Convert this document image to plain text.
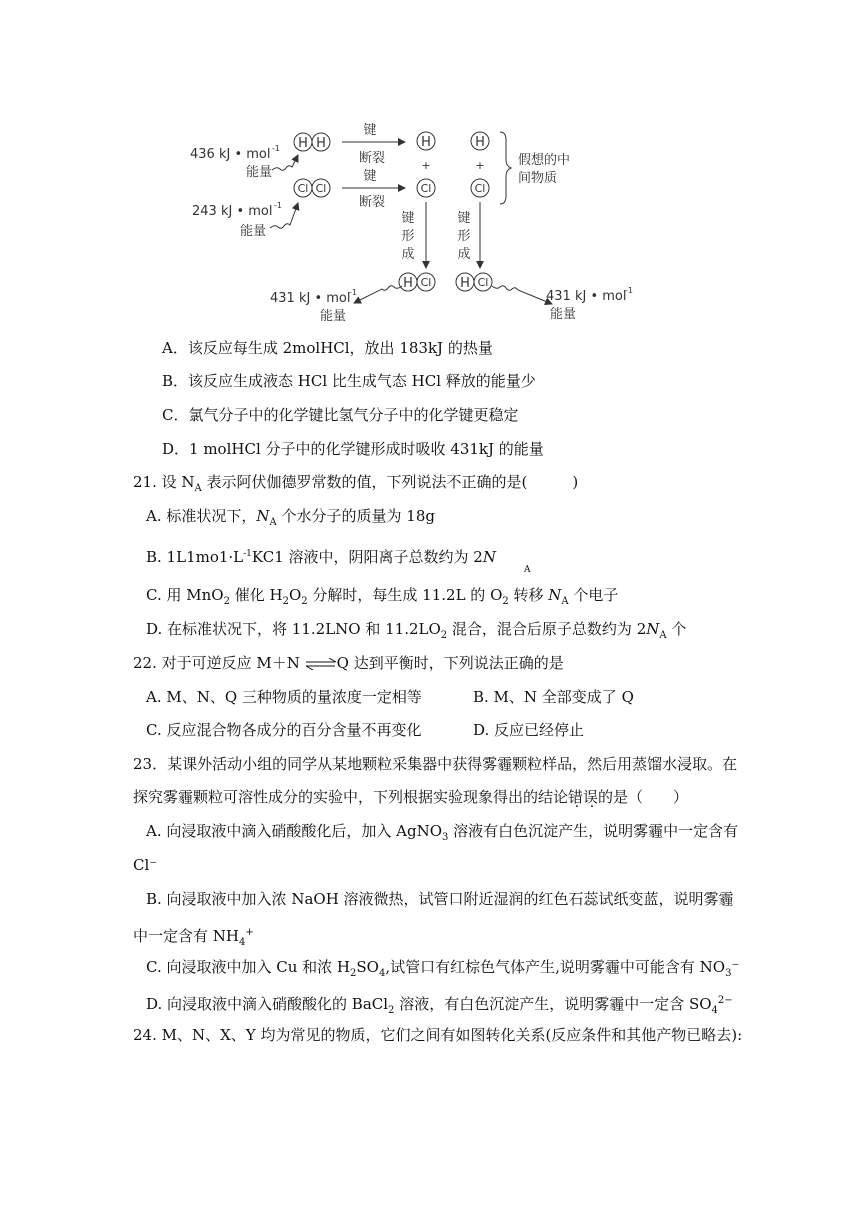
H H
Cl Cl
436 kJ • mol -1
能量
243 kJ • mol -1
能量
键
断裂
键
断裂
H
+
Cl
H
+
Cl
假想的中
间物质
键
形
成
键
形
成
H Cl H Cl
431 kJ • mol
-1
能量
431 kJ • mol
-1
能量
A．该反应每生成 2molHCl，放出 183kJ 的热量
B．该反应生成液态 HCl 比生成气态 HCl 释放的能量少
C．氯气分子中的化学键比氢气分子中的化学键更稳定
D．1 molHCl 分子中的化学键形成时吸收 431kJ 的能量
21. 设 $N_A$ 表示阿伏伽德罗常数的值，下列说法不正确的是(　　　)
A. 标准状况下，$N_A$ 个水分子的质量为 18g
B. $1L1mo1\cdot L^{-1}KC1$ 溶液中，阴阳离子总数约为 $2N_A$
C. 用 MnO$_2$ 催化 $H_2O_2$ 分解时，每生成 11.2L 的 $O_2$ 转移 $N_A$ 个电子
D. 在标准状况下，将 11.2LNO 和 $11.2LO_2$ 混合，混合后原子总数约为 $2N_A$ 个
22. 对于可逆反应 M＋N ⇌Q 达到平衡时，下列说法正确的是
A. M、N、Q 三种物质的量浓度一定相等	B. M、N 全部变成了 Q
C. 反应混合物各成分的百分含量不再变化	D. 反应已经停止
23．某课外活动小组的同学从某地颗粒采集器中获得雾霾颗粒样品，然后用蒸馏水浸取。在
探究雾霾颗粒可溶性成分的实验中，下列根据实验现象得出的结论错误的是（　　）
A. 向浸取液中滴入硝酸酸化后，加入 AgNO$_3$ 溶液有白色沉淀产生，说明雾霾中一定含有
Cl⁻
B. 向浸取液中加入浓 NaOH 溶液微热，试管口附近湿润的红色石蕊试纸变蓝，说明雾霾
中一定含有 $NH_4^+$
C. 向浸取液中加入 Cu 和浓 $H_2SO_4$,试管口有红棕色气体产生,说明雾霾中可能含有 $NO_3^-$
D. 向浸取液中滴入硝酸酸化的 BaCl$_2$ 溶液，有白色沉淀产生，说明雾霾中一定含 $SO_4^{2-}$
24. M、N、X、Y 均为常见的物质，它们之间有如图转化关系(反应条件和其他产物已略去):
